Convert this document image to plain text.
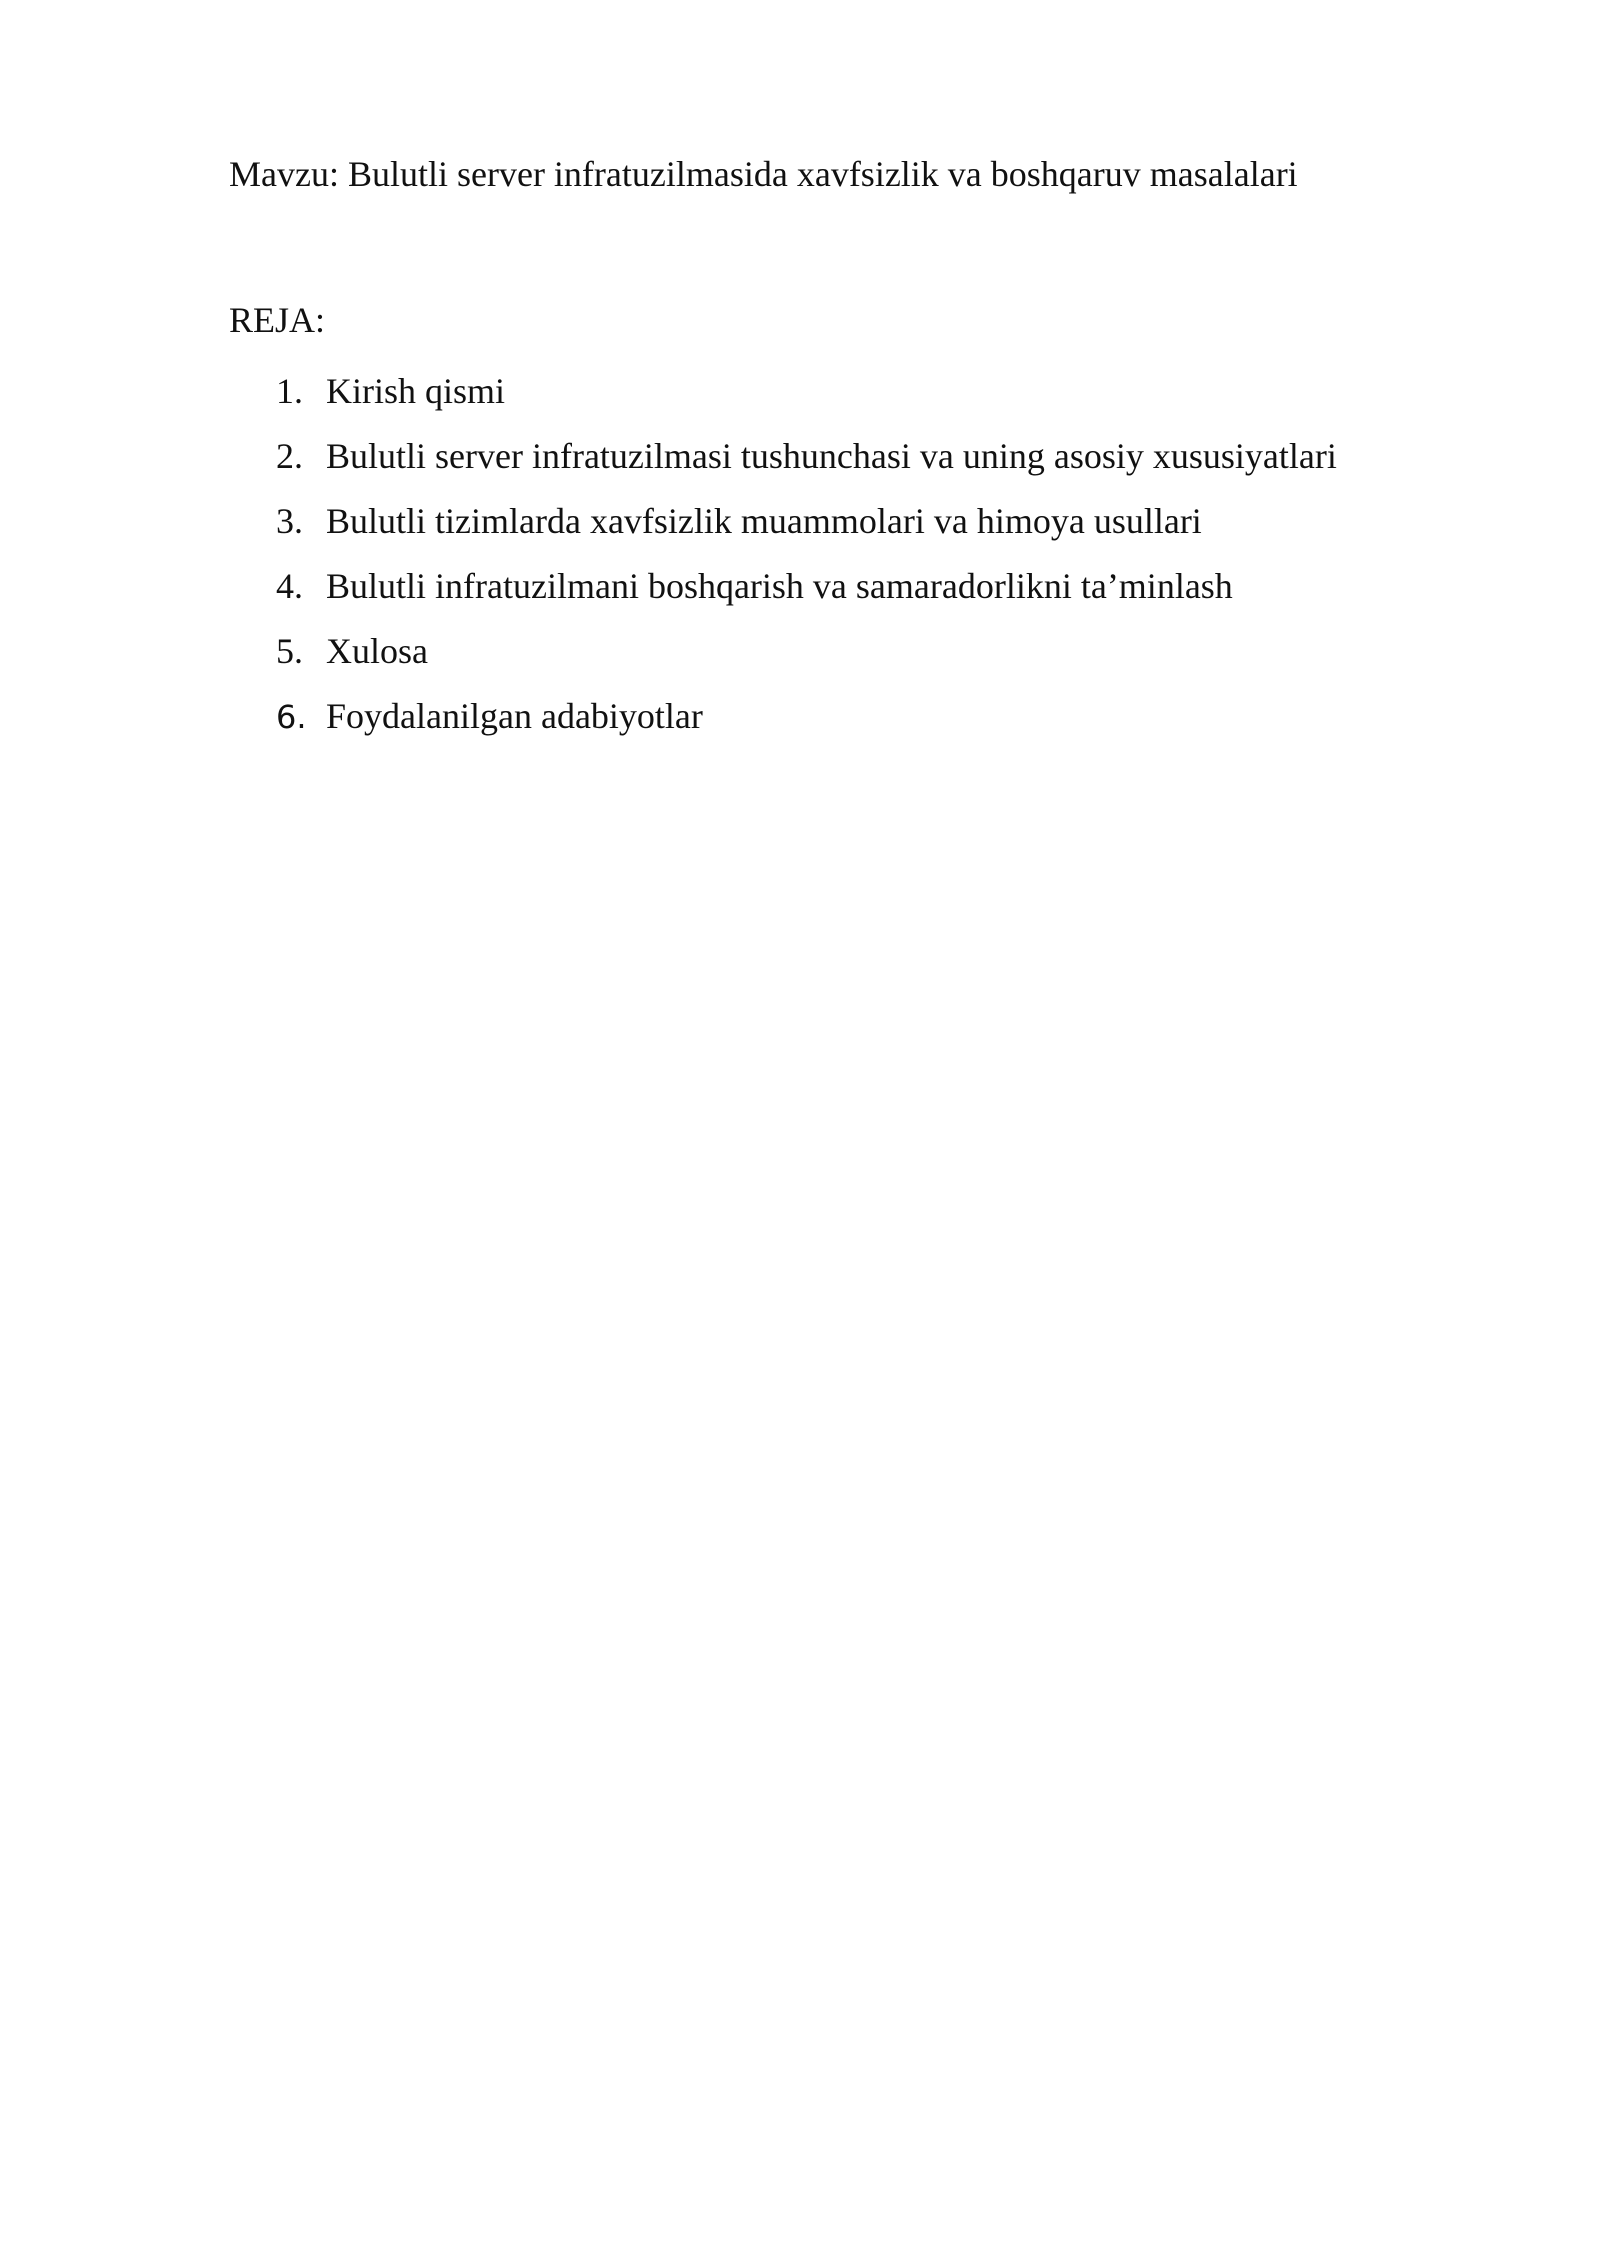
Mavzu: Bulutli server infratuzilmasida xavfsizlik va boshqaruv masalalari
REJA:
1. Kirish qismi
2. Bulutli server infratuzilmasi tushunchasi va uning asosiy xususiyatlari
3. Bulutli tizimlarda xavfsizlik muammolari va himoya usullari
4. Bulutli infratuzilmani boshqarish va samaradorlikni ta’minlash
5. Xulosa
6. Foydalanilgan adabiyotlar
